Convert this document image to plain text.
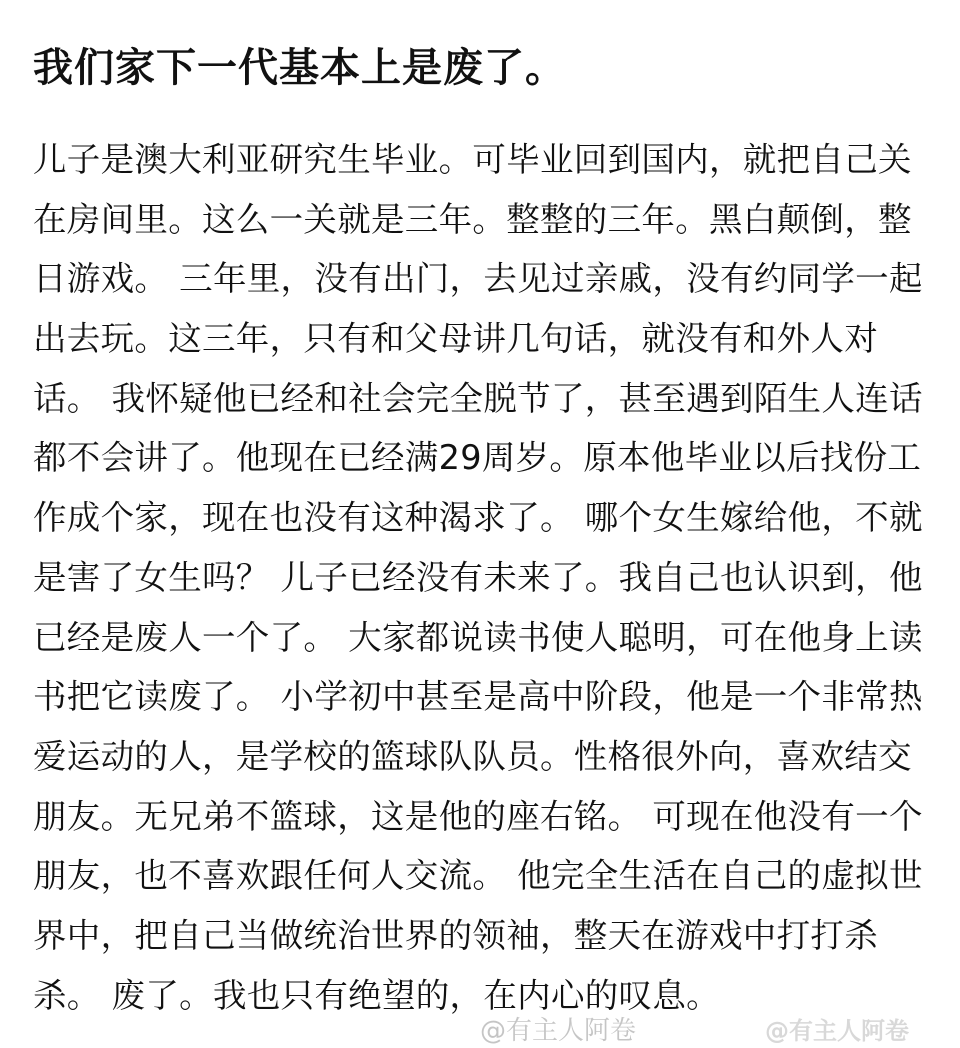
我们家下一代基本上是废了。
儿子是澳大利亚研究生毕业。可毕业回到国内，就把自己关
在房间里。这么一关就是三年。整整的三年。黑白颠倒，整
日游戏。 三年里，没有出门，去见过亲戚，没有约同学一起
出去玩。这三年，只有和父母讲几句话，就没有和外人对
话。 我怀疑他已经和社会完全脱节了，甚至遇到陌生人连话
都不会讲了。他现在已经满29周岁。原本他毕业以后找份工
作成个家，现在也没有这种渴求了。 哪个女生嫁给他，不就
是害了女生吗？ 儿子已经没有未来了。我自己也认识到，他
已经是废人一个了。 大家都说读书使人聪明，可在他身上读
书把它读废了。 小学初中甚至是高中阶段，他是一个非常热
爱运动的人，是学校的篮球队队员。性格很外向，喜欢结交
朋友。无兄弟不篮球，这是他的座右铭。 可现在他没有一个
朋友，也不喜欢跟任何人交流。 他完全生活在自己的虚拟世
界中，把自己当做统治世界的领袖，整天在游戏中打打杀
杀。 废了。我也只有绝望的，在内心的叹息。
@有主人阿卷	@有主人阿卷
